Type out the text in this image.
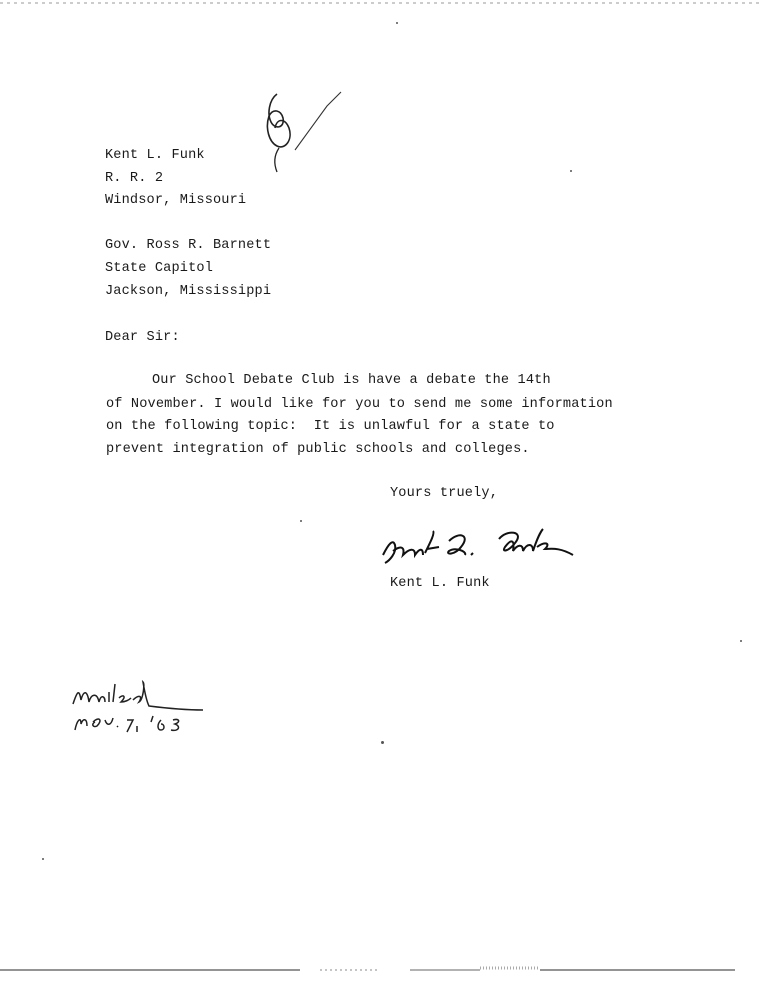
Kent L. Funk
R. R. 2
Windsor, Missouri
Gov. Ross R. Barnett
State Capitol
Jackson, Mississippi
Dear Sir:
Our School Debate Club is have a debate the 14th
of November. I would like for you to send me some information
on the following topic:  It is unlawful for a state to
prevent integration of public schools and colleges.
Yours truely,
Kent L. Funk
